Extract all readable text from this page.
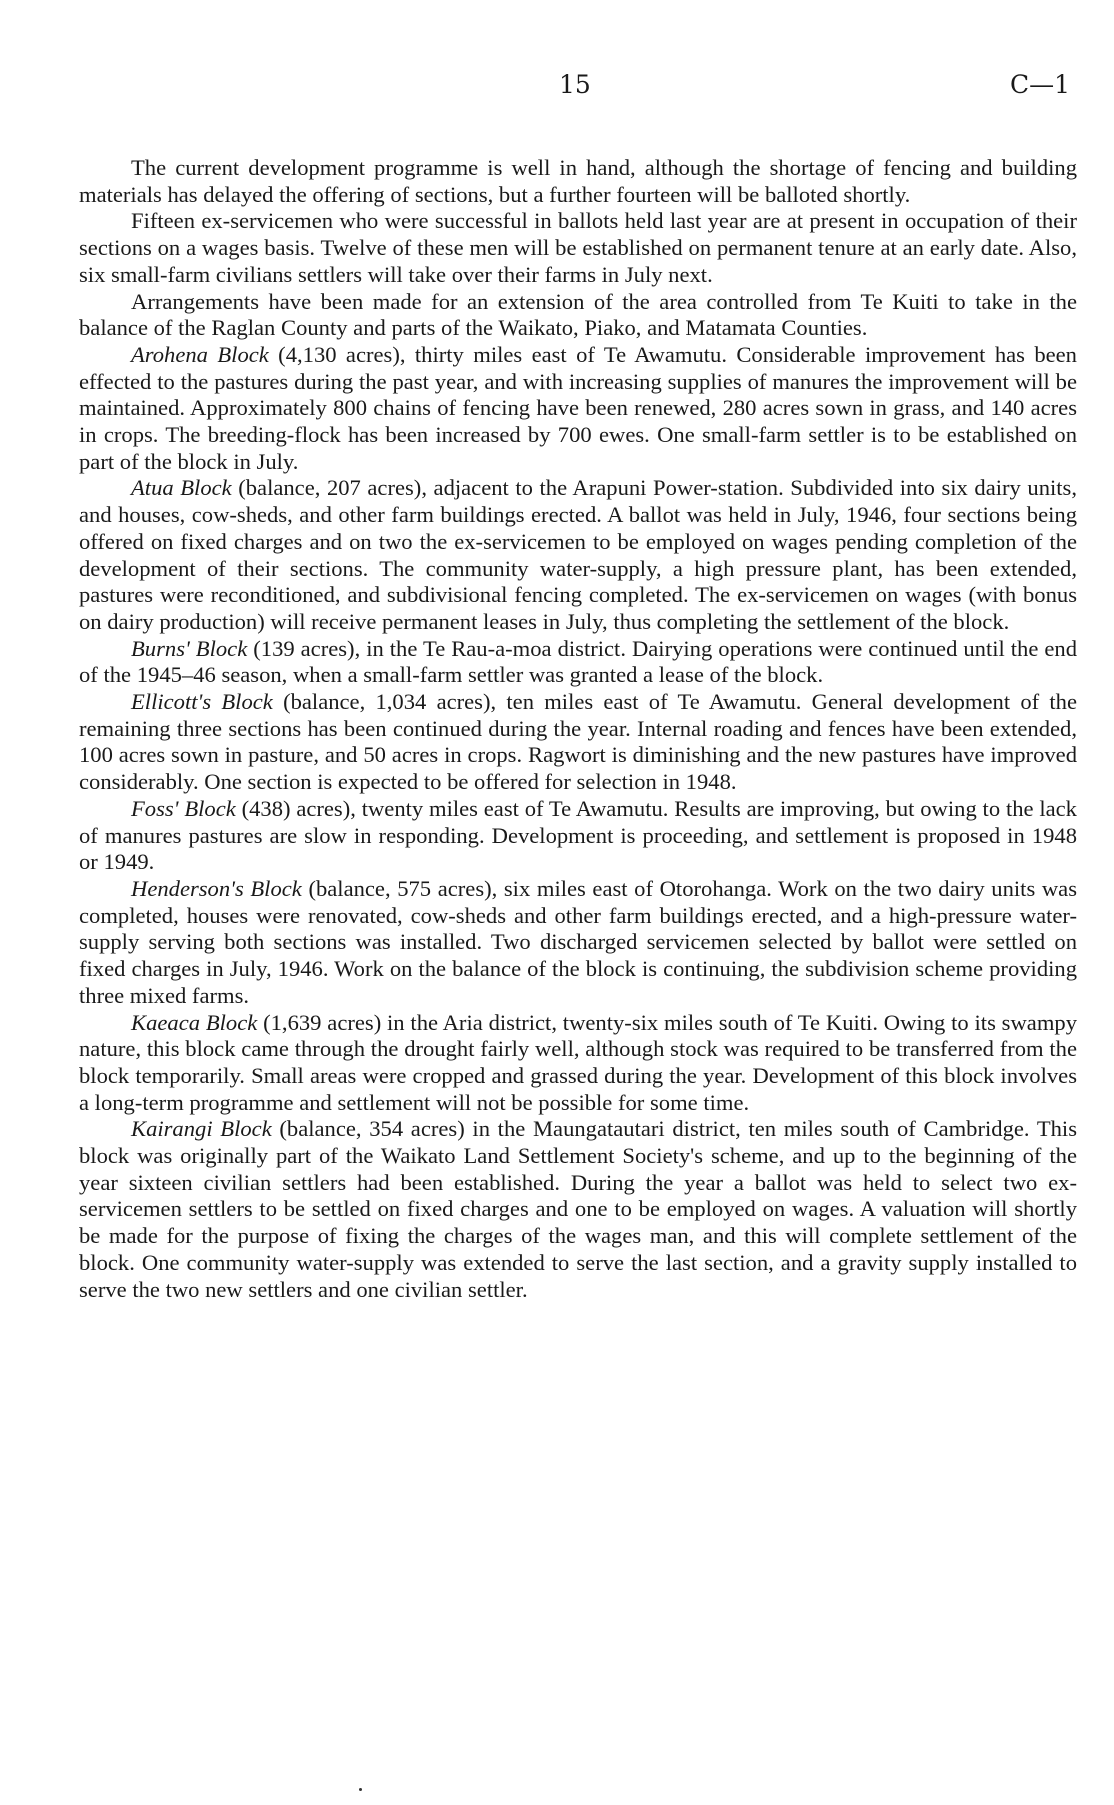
15	C—1

The current development programme is well in hand, although the shortage of fencing and building materials has delayed the offering of sections, but a further fourteen will be balloted shortly.

Fifteen ex-servicemen who were successful in ballots held last year are at present in occupation of their sections on a wages basis. Twelve of these men will be established on permanent tenure at an early date. Also, six small-farm civilians settlers will take over their farms in July next.

Arrangements have been made for an extension of the area controlled from Te Kuiti to take in the balance of the Raglan County and parts of the Waikato, Piako, and Matamata Counties.

Arohena Block (4,130 acres), thirty miles east of Te Awamutu. Considerable improvement has been effected to the pastures during the past year, and with increasing supplies of manures the improvement will be maintained. Approximately 800 chains of fencing have been renewed, 280 acres sown in grass, and 140 acres in crops. The breeding-flock has been increased by 700 ewes. One small-farm settler is to be established on part of the block in July.

Atua Block (balance, 207 acres), adjacent to the Arapuni Power-station. Subdivided into six dairy units, and houses, cow-sheds, and other farm buildings erected. A ballot was held in July, 1946, four sections being offered on fixed charges and on two the ex-servicemen to be employed on wages pending completion of the development of their sections. The community water-supply, a high pressure plant, has been extended, pastures were reconditioned, and subdivisional fencing completed. The ex-servicemen on wages (with bonus on dairy production) will receive permanent leases in July, thus completing the settlement of the block.

Burns' Block (139 acres), in the Te Rau-a-moa district. Dairying operations were continued until the end of the 1945–46 season, when a small-farm settler was granted a lease of the block.

Ellicott's Block (balance, 1,034 acres), ten miles east of Te Awamutu. General development of the remaining three sections has been continued during the year. Internal roading and fences have been extended, 100 acres sown in pasture, and 50 acres in crops. Ragwort is diminishing and the new pastures have improved considerably. One section is expected to be offered for selection in 1948.

Foss' Block (438) acres), twenty miles east of Te Awamutu. Results are improving, but owing to the lack of manures pastures are slow in responding. Development is proceeding, and settlement is proposed in 1948 or 1949.

Henderson's Block (balance, 575 acres), six miles east of Otorohanga. Work on the two dairy units was completed, houses were renovated, cow-sheds and other farm buildings erected, and a high-pressure water-supply serving both sections was installed. Two discharged servicemen selected by ballot were settled on fixed charges in July, 1946. Work on the balance of the block is continuing, the subdivision scheme providing three mixed farms.

Kaeaca Block (1,639 acres) in the Aria district, twenty-six miles south of Te Kuiti. Owing to its swampy nature, this block came through the drought fairly well, although stock was required to be transferred from the block temporarily. Small areas were cropped and grassed during the year. Development of this block involves a long-term programme and settlement will not be possible for some time.

Kairangi Block (balance, 354 acres) in the Maungatautari district, ten miles south of Cambridge. This block was originally part of the Waikato Land Settlement Society's scheme, and up to the beginning of the year sixteen civilian settlers had been established. During the year a ballot was held to select two ex-servicemen settlers to be settled on fixed charges and one to be employed on wages. A valuation will shortly be made for the purpose of fixing the charges of the wages man, and this will complete settlement of the block. One community water-supply was extended to serve the last section, and a gravity supply installed to serve the two new settlers and one civilian settler.
